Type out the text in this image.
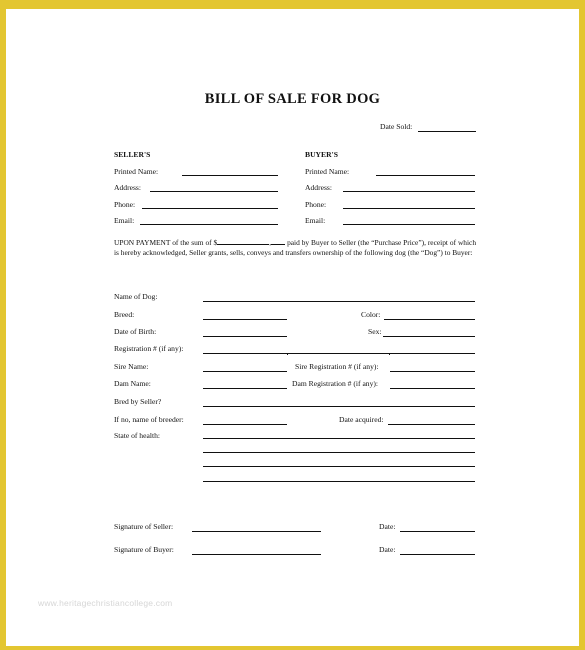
BILL OF SALE FOR DOG
Date Sold:
SELLER'S
Printed Name:
Address:
Phone:
Email:
BUYER'S
Printed Name:
Address:
Phone:
Email:
UPON PAYMENT of the sum of $	, paid by Buyer to Seller (the “Purchase Price”), receipt of which is hereby acknowledged, Seller grants, sells, conveys and transfers ownership of the following dog (the “Dog”) to Buyer:
Name of Dog:
Breed:	Color:
Date of Birth:	Sex:
Registration # (if any):
Sire Name:	Sire Registration # (if any):
Dam Name:	Dam Registration # (if any):
Bred by Seller?
If no, name of breeder:	Date acquired:
State of health:
Signature of Seller:	Date:
Signature of Buyer:	Date:
www.heritagechristiancollege.com
